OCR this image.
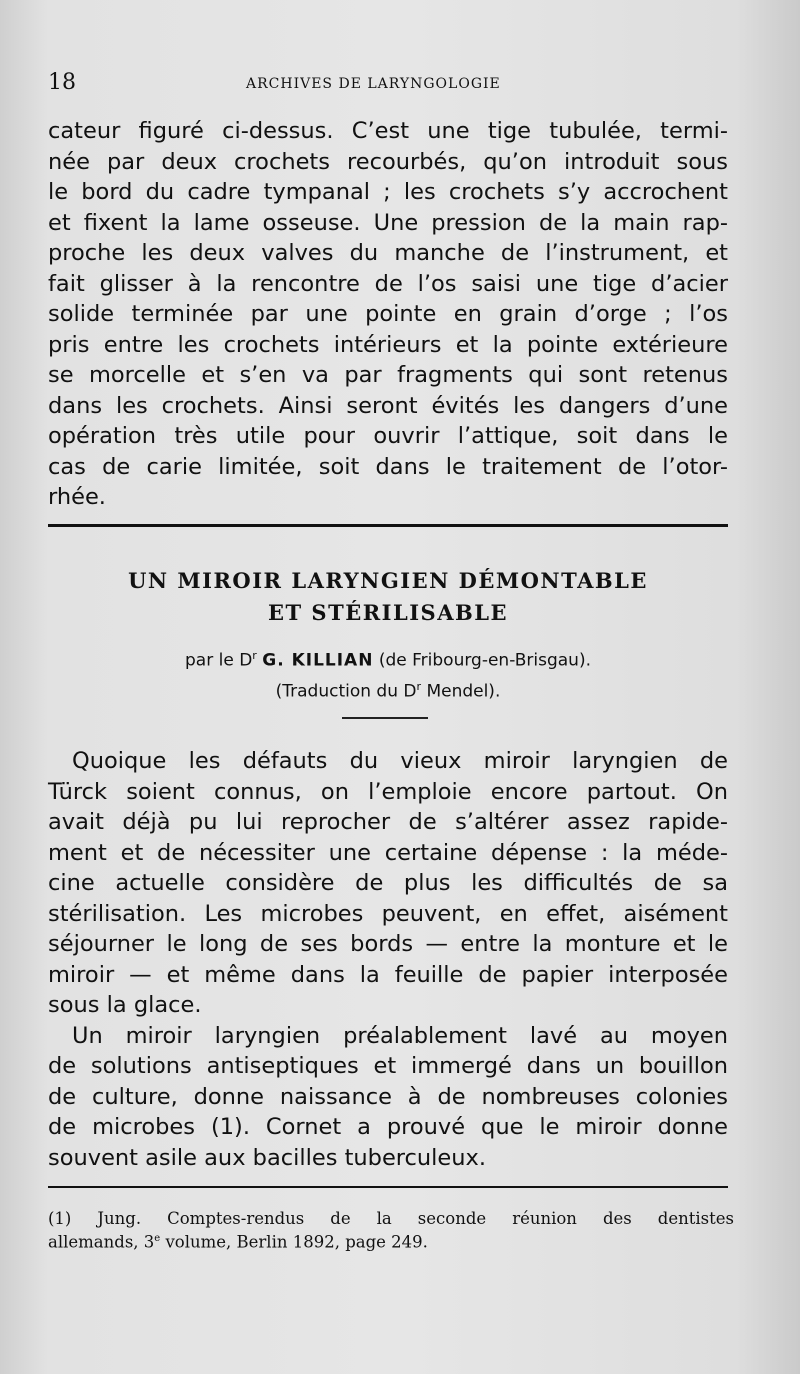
18	ARCHIVES DE LARYNGOLOGIE
cateur figuré ci-dessus. C’est une tige tubulée, termi-
née par deux crochets recourbés, qu’on introduit sous
le bord du cadre tympanal ; les crochets s’y accrochent
et fixent la lame osseuse. Une pression de la main rap-
proche les deux valves du manche de l’instrument, et
fait glisser à la rencontre de l’os saisi une tige d’acier
solide terminée par une pointe en grain d’orge ; l’os
pris entre les crochets intérieurs et la pointe extérieure
se morcelle et s’en va par fragments qui sont retenus
dans les crochets. Ainsi seront évités les dangers d’une
opération très utile pour ouvrir l’attique, soit dans le
cas de carie limitée, soit dans le traitement de l’otor-
rhée.
UN MIROIR LARYNGIEN DÉMONTABLE
ET STÉRILISABLE
par le $D^r$ G. KILLIAN (de Fribourg-en-Brisgau).
(Traduction du $D^r$ Mendel).
Quoique les défauts du vieux miroir laryngien de
Türck soient connus, on l’emploie encore partout. On
avait déjà pu lui reprocher de s’altérer assez rapide-
ment et de nécessiter une certaine dépense : la méde-
cine actuelle considère de plus les difficultés de sa
stérilisation. Les microbes peuvent, en effet, aisément
séjourner le long de ses bords — entre la monture et le
miroir — et même dans la feuille de papier interposée
sous la glace.
Un miroir laryngien préalablement lavé au moyen
de solutions antiseptiques et immergé dans un bouillon
de culture, donne naissance à de nombreuses colonies
de microbes (1). Cornet a prouvé que le miroir donne
souvent asile aux bacilles tuberculeux.
(1) Jung. Comptes-rendus de la seconde réunion des dentistes
allemands, 3e volume, Berlin 1892, page 249.
